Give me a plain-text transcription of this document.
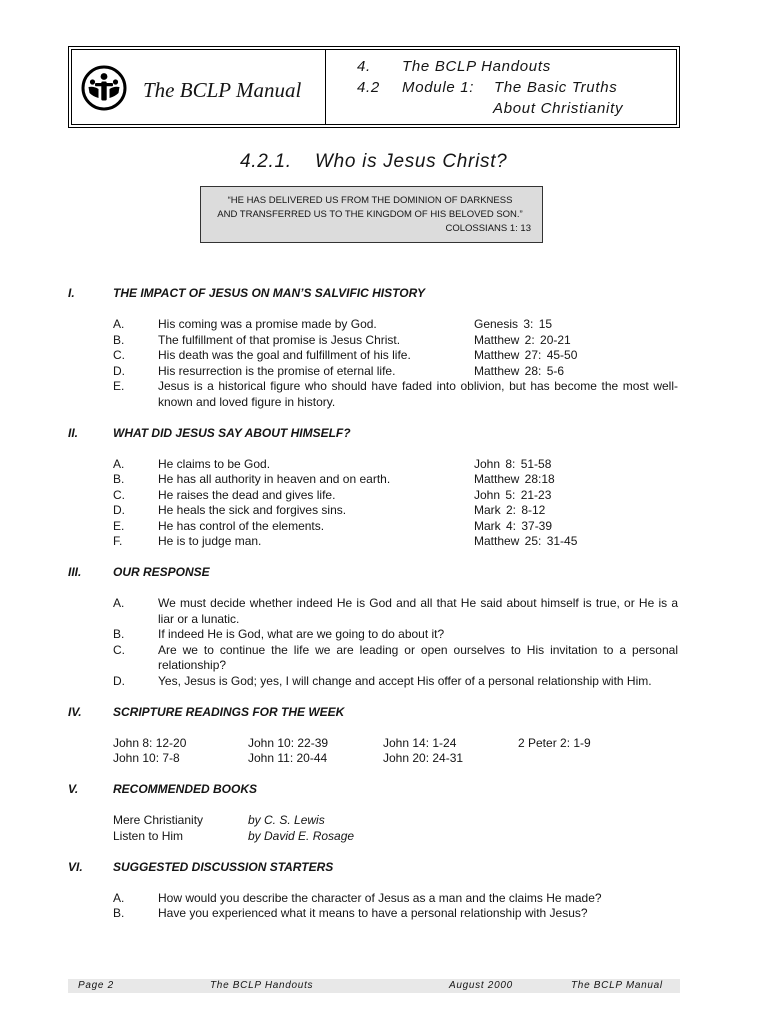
The BCLP Manual
4. The BCLP Handouts
4.2 Module 1: The Basic Truths
About Christianity
4.2.1. Who is Jesus Christ?
“HE HAS DELIVERED US FROM THE DOMINION OF DARKNESS
AND TRANSFERRED US TO THE KINGDOM OF HIS BELOVED SON.”
COLOSSIANS 1: 13
I.	THE IMPACT OF JESUS ON MAN’S SALVIFIC HISTORY
A.	His coming was a promise made by God.	Genesis 3: 15
B.	The fulfillment of that promise is Jesus Christ.	Matthew 2: 20-21
C.	His death was the goal and fulfillment of his life.	Matthew 27: 45-50
D.	His resurrection is the promise of eternal life.	Matthew 28: 5-6
E.	Jesus is a historical figure who should have faded into oblivion, but has become the most well-known and loved figure in history.
II.	WHAT DID JESUS SAY ABOUT HIMSELF?
A.	He claims to be God.	John 8: 51-58
B.	He has all authority in heaven and on earth.	Matthew 28:18
C.	He raises the dead and gives life.	John 5: 21-23
D.	He heals the sick and forgives sins.	Mark 2: 8-12
E.	He has control of the elements.	Mark 4: 37-39
F.	He is to judge man.	Matthew 25: 31-45
III.	OUR RESPONSE
A.	We must decide whether indeed He is God and all that He said about himself is true, or He is a liar or a lunatic.
B.	If indeed He is God, what are we going to do about it?
C.	Are we to continue the life we are leading or open ourselves to His invitation to a personal relationship?
D.	Yes, Jesus is God; yes, I will change and accept His offer of a personal relationship with Him.
IV.	SCRIPTURE READINGS FOR THE WEEK
John 8: 12-20	John 10: 22-39	John 14: 1-24	2 Peter 2: 1-9
John 10: 7-8	John 11: 20-44	John 20: 24-31
V.	RECOMMENDED BOOKS
Mere Christianity	by C. S. Lewis
Listen to Him	by David E. Rosage
VI.	SUGGESTED DISCUSSION STARTERS
A.	How would you describe the character of Jesus as a man and the claims He made?
B.	Have you experienced what it means to have a personal relationship with Jesus?
Page 2	The BCLP Handouts	August 2000	The BCLP Manual
